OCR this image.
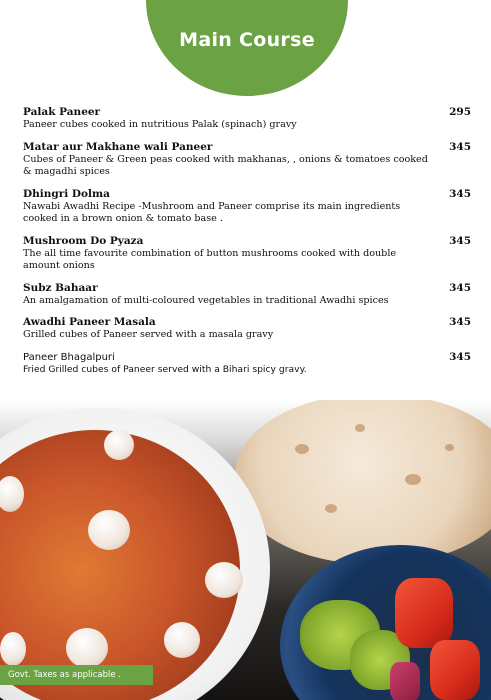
Main Course
Palak Paneer	295
Paneer cubes cooked in nutritious Palak (spinach) gravy
Matar aur Makhane wali Paneer	345
Cubes of Paneer & Green peas cooked with makhanas, , onions & tomatoes cooked & magadhi spices
Dhingri Dolma	345
Nawabi Awadhi Recipe -Mushroom and Paneer comprise its main ingredients cooked in a brown onion & tomato base .
Mushroom Do Pyaza	345
The all time favourite combination of button mushrooms cooked with double amount onions
Subz Bahaar	345
An amalgamation of multi-coloured vegetables in traditional Awadhi spices
Awadhi Paneer Masala	345
Grilled cubes of Paneer served with a masala gravy
Paneer Bhagalpuri	345
Fried Grilled cubes of Paneer served with a Bihari spicy gravy.
Govt. Taxes as applicable .
